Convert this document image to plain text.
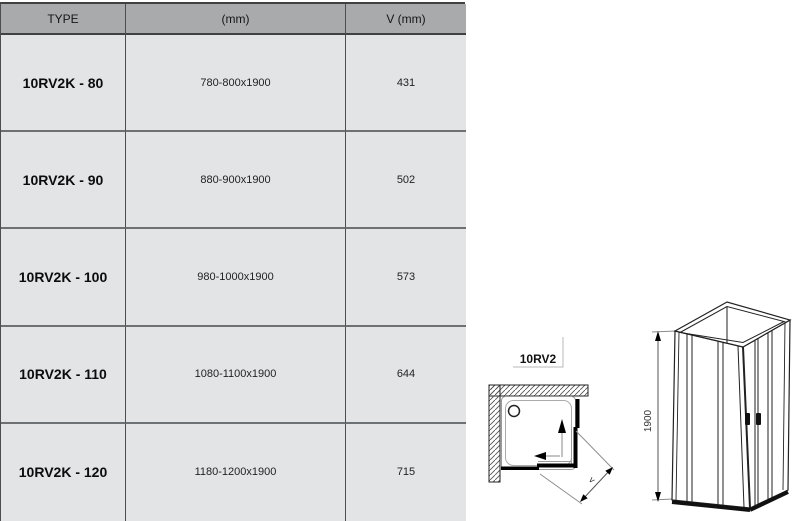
TYPE	(mm)	V (mm)
10RV2K - 80	780-800x1900	431
10RV2K - 90	880-900x1900	502
10RV2K - 100	980-1000x1900	573
10RV2K - 110	1080-1100x1900	644
10RV2K - 120	1180-1200x1900	715
10RV2
v
1900
